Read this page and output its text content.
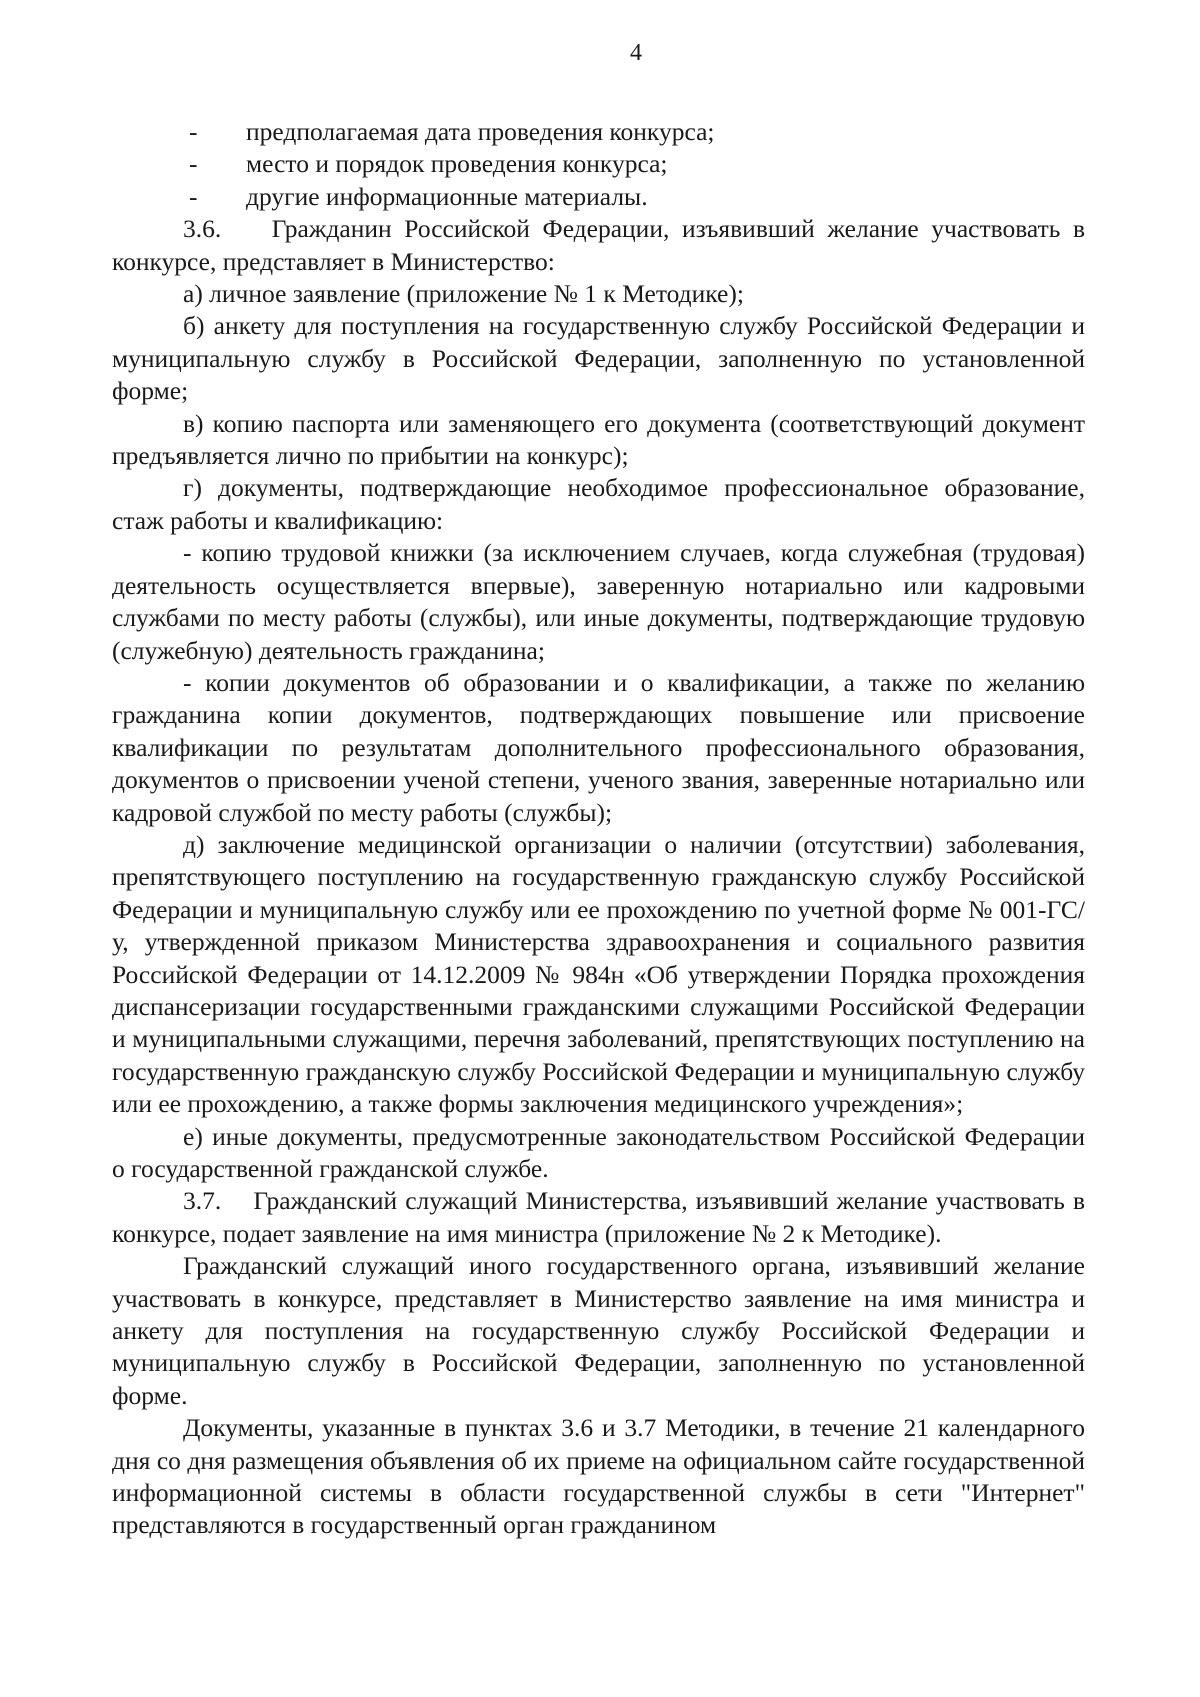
4

- предполагаемая дата проведения конкурса;

- место и порядок проведения конкурса;

- другие информационные материалы.

3.6.    Гражданин Российской Федерации, изъявивший желание участвовать в конкурсе, представляет в Министерство:

а) личное заявление (приложение № 1 к Методике);

б) анкету для поступления на государственную службу Российской Федерации и муниципальную службу в Российской Федерации, заполненную по установленной форме;

в) копию паспорта или заменяющего его документа (соответствующий документ предъявляется лично по прибытии на конкурс);

г) документы, подтверждающие необходимое профессиональное образование, стаж работы и квалификацию:

- копию трудовой книжки (за исключением случаев, когда служебная (трудовая) деятельность осуществляется впервые), заверенную нотариально или кадровыми службами по месту работы (службы), или иные документы, подтверждающие трудовую (служебную) деятельность гражданина;

- копии документов об образовании и о квалификации, а также по желанию гражданина копии документов, подтверждающих повышение или присвоение квалификации по результатам дополнительного профессионального образования, документов о присвоении ученой степени, ученого звания, заверенные нотариально или кадровой службой по месту работы (службы);

д) заключение медицинской организации о наличии (отсутствии) заболевания, препятствующего поступлению на государственную гражданскую службу Российской Федерации и муниципальную службу или ее прохождению по учетной форме № 001-ГС/у, утвержденной приказом Министерства здравоохранения и социального развития Российской Федерации от 14.12.2009 № 984н «Об утверждении Порядка прохождения диспансеризации государственными гражданскими служащими Российской Федерации и муниципальными служащими, перечня заболеваний, препятствующих поступлению на государственную гражданскую службу Российской Федерации и муниципальную службу или ее прохождению, а также формы заключения медицинского учреждения»;

е) иные документы, предусмотренные законодательством Российской Федерации о государственной гражданской службе.

3.7.    Гражданский служащий Министерства, изъявивший желание участвовать в конкурсе, подает заявление на имя министра (приложение № 2 к Методике).

Гражданский служащий иного государственного органа, изъявивший желание участвовать в конкурсе, представляет в Министерство заявление на имя министра и анкету для поступления на государственную службу Российской Федерации и муниципальную службу в Российской Федерации, заполненную по установленной форме.

Документы, указанные в пунктах 3.6 и 3.7 Методики, в течение 21 календарного дня со дня размещения объявления об их приеме на официальном сайте государственной информационной системы в области государственной службы в сети "Интернет" представляются в государственный орган гражданином
